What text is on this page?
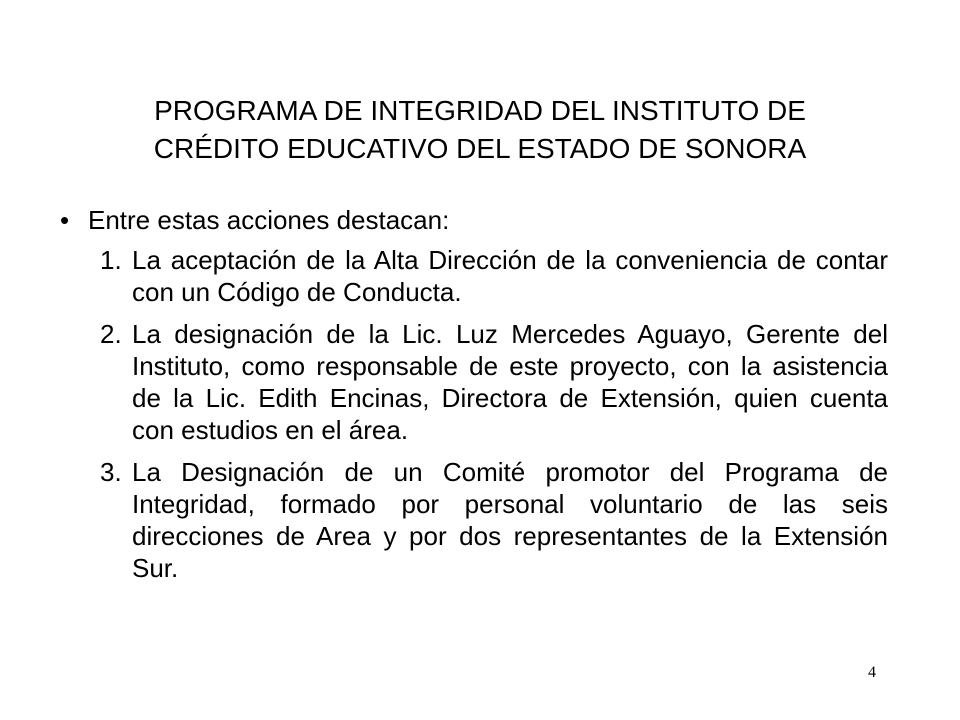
PROGRAMA DE INTEGRIDAD DEL INSTITUTO DE
CRÉDITO EDUCATIVO DEL ESTADO DE SONORA
• Entre estas acciones destacan:
1. La aceptación de la Alta Dirección de la conveniencia de contar con un Código de Conducta.
2. La designación de la Lic. Luz Mercedes Aguayo, Gerente del Instituto, como responsable de este proyecto, con la asistencia de la Lic. Edith Encinas, Directora de Extensión, quien cuenta con estudios en el área.
3. La Designación de un Comité promotor del Programa de Integridad, formado por personal voluntario de las seis direcciones de Area y por dos representantes de la Extensión Sur.
4
